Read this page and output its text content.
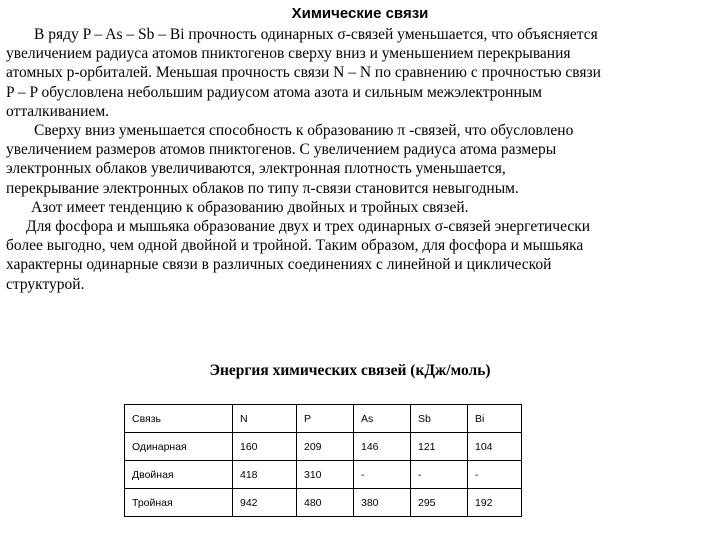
Химические связи

В ряду P – As – Sb – Bi прочность одинарных σ-связей уменьшается, что объясняется
увеличением радиуса атомов пниктогенов сверху вниз и уменьшением перекрывания
атомных p-орбиталей. Меньшая прочность связи N – N по сравнению с прочностью связи
P – P обусловлена небольшим радиусом атома азота и сильным межэлектронным
отталкиванием.

Сверху вниз уменьшается способность к образованию π -связей, что обусловлено
увеличением размеров атомов пниктогенов. С увеличением радиуса атома размеры
электронных облаков увеличиваются, электронная плотность уменьшается,
перекрывание электронных облаков по типу π-связи становится невыгодным.

Азот имеет тенденцию к образованию двойных и тройных связей.

Для фосфора и мышьяка образование двух и трех одинарных σ-связей энергетически
более выгодно, чем одной двойной и тройной. Таким образом, для фосфора и мышьяка
характерны одинарные связи в различных соединениях с линейной и циклической
структурой.

Энергия химических связей (кДж/моль)

Связь	N	P	As	Sb	Bi
Одинарная	160	209	146	121	104
Двойная	418	310	-	-	-
Тройная	942	480	380	295	192
